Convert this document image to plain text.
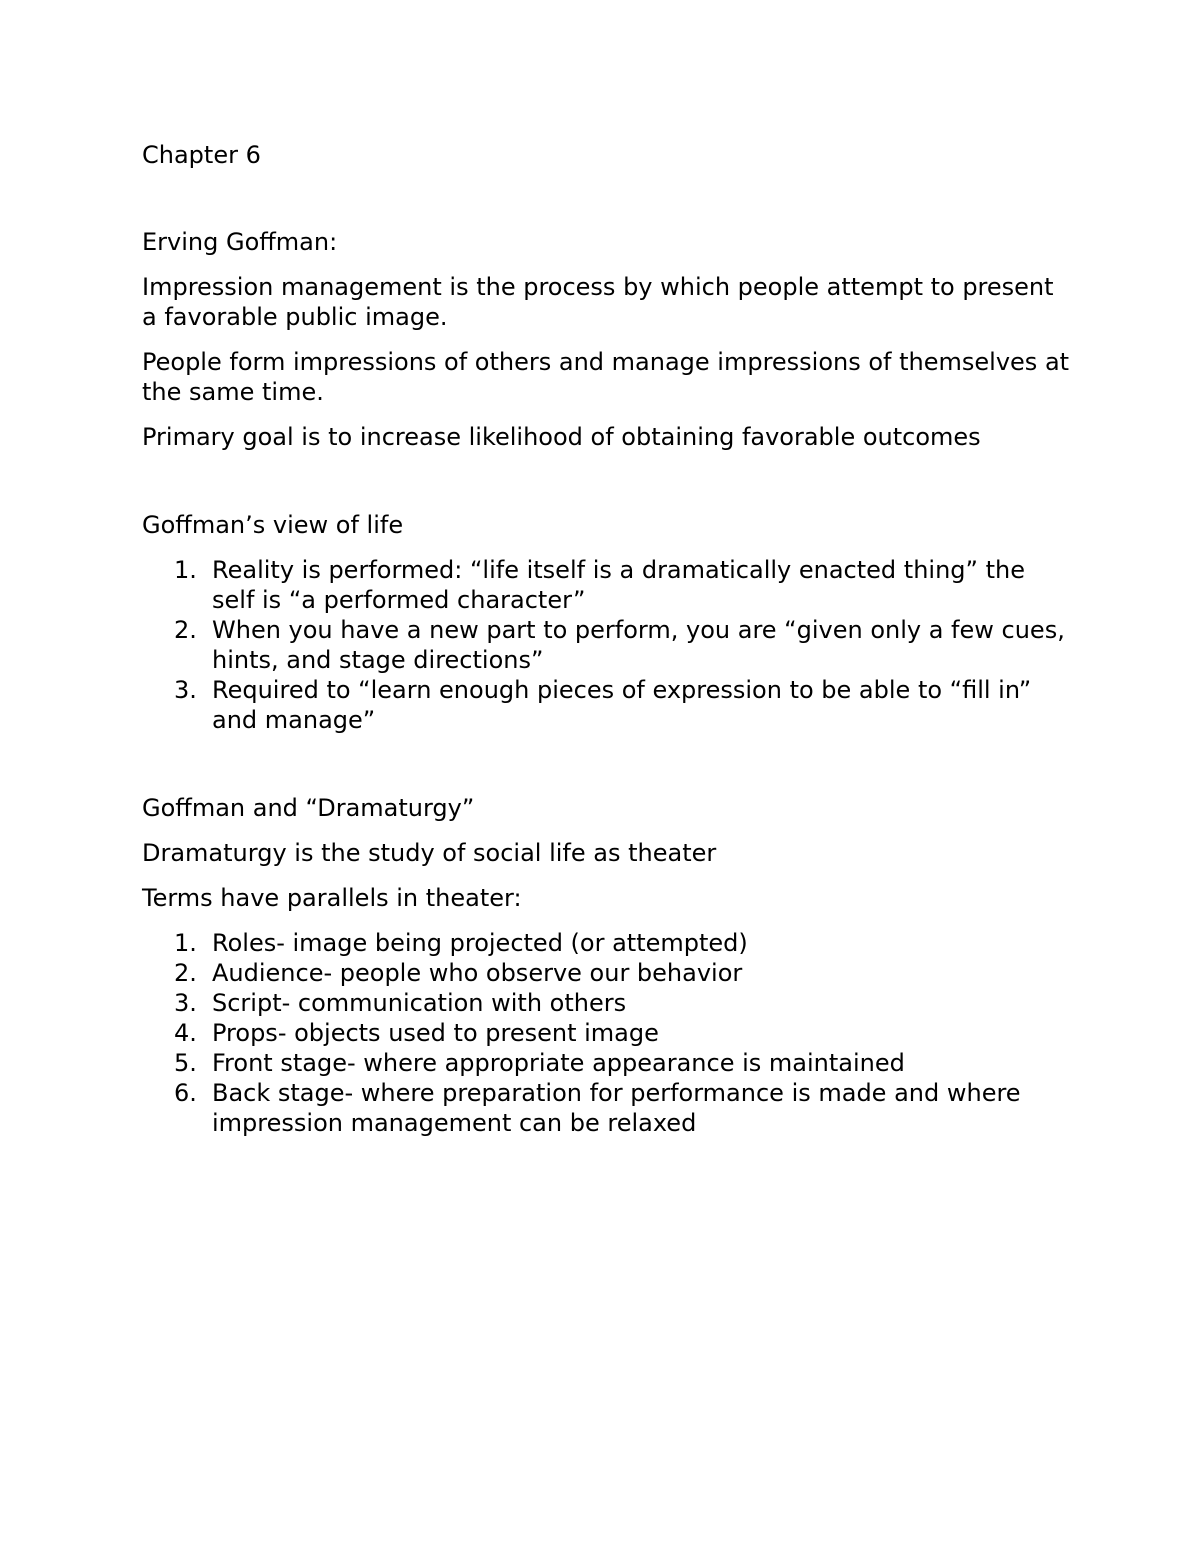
Chapter 6

Erving Goffman:

Impression management is the process by which people attempt to present a favorable public image.

People form impressions of others and manage impressions of themselves at the same time.

Primary goal is to increase likelihood of obtaining favorable outcomes

Goffman’s view of life

1. Reality is performed: “life itself is a dramatically enacted thing” the self is “a performed character”
2. When you have a new part to perform, you are “given only a few cues, hints, and stage directions”
3. Required to “learn enough pieces of expression to be able to “fill in” and manage”

Goffman and “Dramaturgy”

Dramaturgy is the study of social life as theater

Terms have parallels in theater:

1. Roles- image being projected (or attempted)
2. Audience- people who observe our behavior
3. Script- communication with others
4. Props- objects used to present image
5. Front stage- where appropriate appearance is maintained
6. Back stage- where preparation for performance is made and where impression management can be relaxed
